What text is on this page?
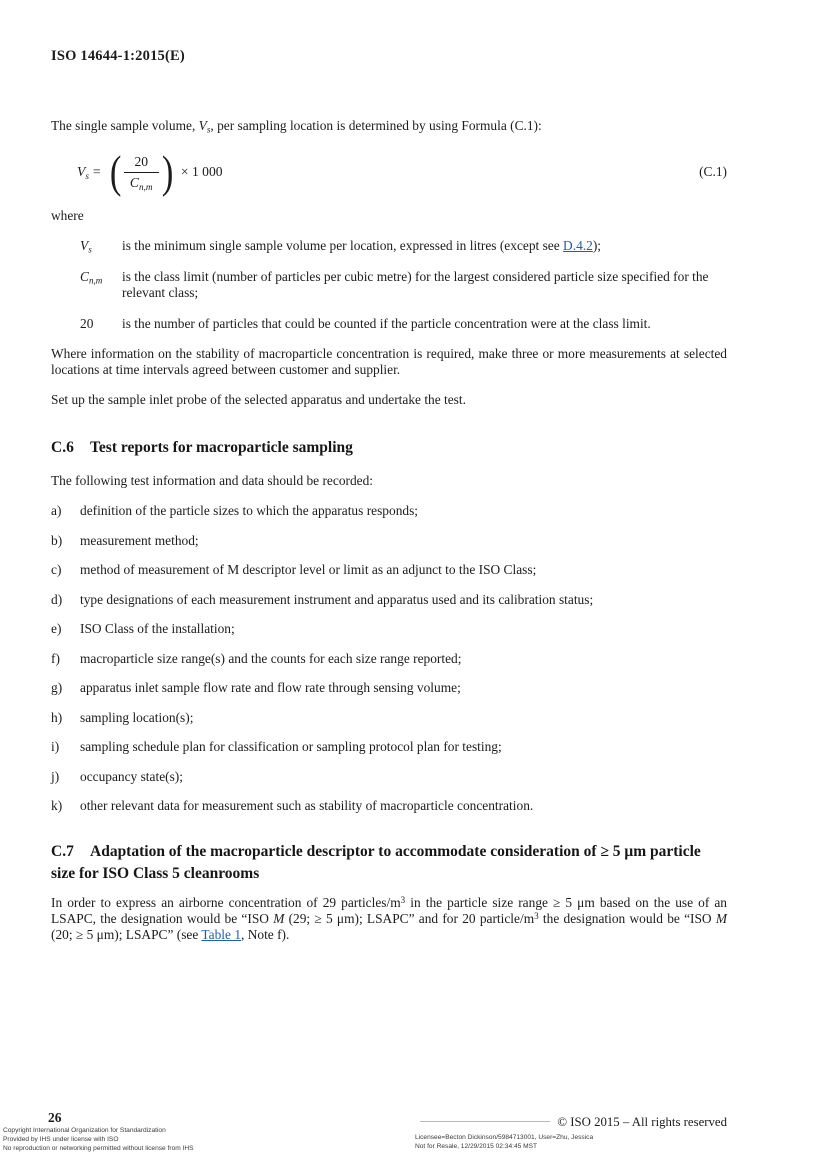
ISO 14644-1:2015(E)

The single sample volume, $V_s$, per sampling location is determined by using Formula (C.1):

$V_s$ = ( $\frac{20}{C_{n,m}}$ ) × 1 000	(C.1)
where
$V_s$	is the minimum single sample volume per location, expressed in litres (except see D.4.2);
$C_{n,m}$	is the class limit (number of particles per cubic metre) for the largest considered particle size specified for the relevant class;
20	is the number of particles that could be counted if the particle concentration were at the class limit.

Where information on the stability of macroparticle concentration is required, make three or more measurements at selected locations at time intervals agreed between customer and supplier.

Set up the sample inlet probe of the selected apparatus and undertake the test.

C.6 Test reports for macroparticle sampling

The following test information and data should be recorded:

a)	definition of the particle sizes to which the apparatus responds;
b)	measurement method;
c)	method of measurement of M descriptor level or limit as an adjunct to the ISO Class;
d)	type designations of each measurement instrument and apparatus used and its calibration status;
e)	ISO Class of the installation;
f)	macroparticle size range(s) and the counts for each size range reported;
g)	apparatus inlet sample flow rate and flow rate through sensing volume;
h)	sampling location(s);
i)	sampling schedule plan for classification or sampling protocol plan for testing;
j)	occupancy state(s);
k)	other relevant data for measurement such as stability of macroparticle concentration.
C.7 Adaptation of the macroparticle descriptor to accommodate consideration of ≥ 5 μm particle size for ISO Class 5 cleanrooms

In order to express an airborne concentration of 29 particles/$m^3$ in the particle size range ≥ 5 μm based on the use of an LSAPC, the designation would be “ISO M (29; ≥ 5 μm); LSAPC” and for 20 particle/$m^3$ the designation would be “ISO M (20; ≥ 5 μm); LSAPC” (see Table 1, Note f).

26
Copyright International Organization for Standardization
Provided by IHS under license with ISO
No reproduction or networking permitted without license from IHS
–– ––– –– –––– ––– ––––– ––– –– © ISO 2015 – All rights reserved
Licensee=Becton Dickinson/5984713001, User=Zhu, Jessica
Not for Resale, 12/29/2015 02:34:45 MST
